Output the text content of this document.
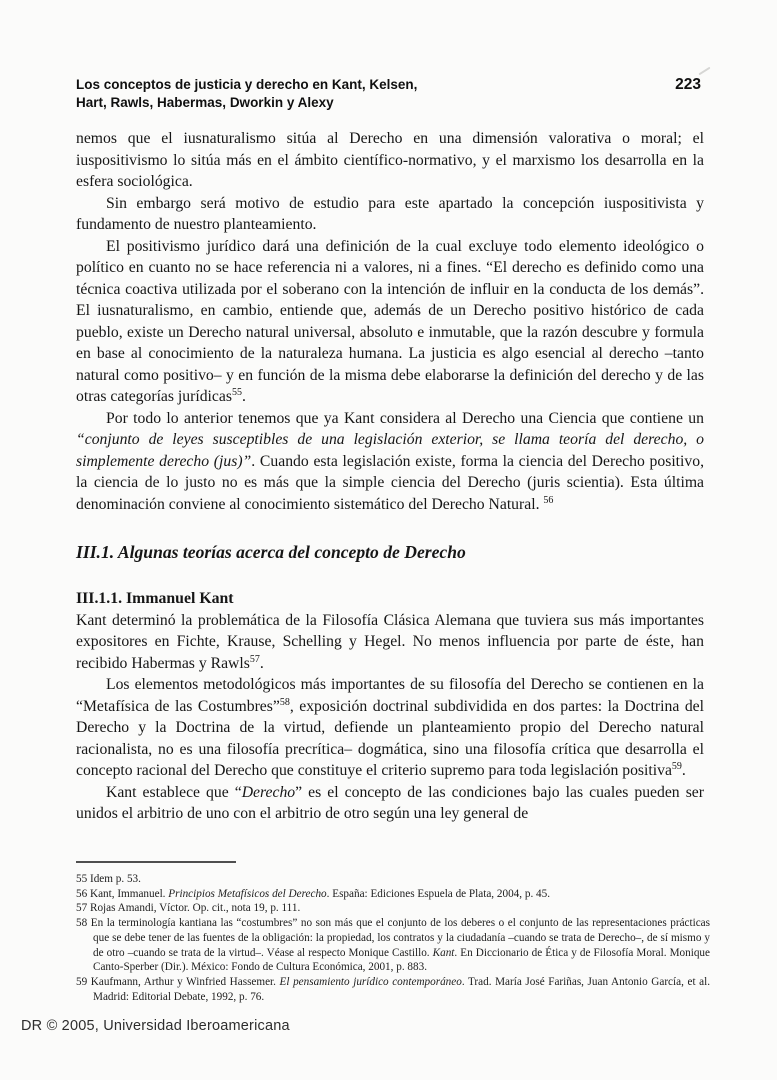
Los conceptos de justicia y derecho en Kant, Kelsen,
Hart, Rawls, Habermas, Dworkin y Alexy
223

nemos que el iusnaturalismo sitúa al Derecho en una dimensión valorativa o moral; el iuspositivismo lo sitúa más en el ámbito científico-normativo, y el marxismo los desarrolla en la esfera sociológica.

Sin embargo será motivo de estudio para este apartado la concepción iuspositivista y fundamento de nuestro planteamiento.

El positivismo jurídico dará una definición de la cual excluye todo elemento ideológico o político en cuanto no se hace referencia ni a valores, ni a fines. “El derecho es definido como una técnica coactiva utilizada por el soberano con la intención de influir en la conducta de los demás”. El iusnaturalismo, en cambio, entiende que, además de un Derecho positivo histórico de cada pueblo, existe un Derecho natural universal, absoluto e inmutable, que la razón descubre y formula en base al conocimiento de la naturaleza humana. La justicia es algo esencial al derecho –tanto natural como positivo– y en función de la misma debe elaborarse la definición del derecho y de las otras categorías jurídicas$^{55}$.

Por todo lo anterior tenemos que ya Kant considera al Derecho una Ciencia que contiene un “conjunto de leyes susceptibles de una legislación exterior, se llama teoría del derecho, o simplemente derecho (jus)”. Cuando esta legislación existe, forma la ciencia del Derecho positivo, la ciencia de lo justo no es más que la simple ciencia del Derecho (juris scientia). Esta última denominación conviene al conocimiento sistemático del Derecho Natural. $^{56}$

III.1. Algunas teorías acerca del concepto de Derecho
III.1.1. Immanuel Kant

Kant determinó la problemática de la Filosofía Clásica Alemana que tuviera sus más importantes expositores en Fichte, Krause, Schelling y Hegel. No menos influencia por parte de éste, han recibido Habermas y Rawls$^{57}$.

Los elementos metodológicos más importantes de su filosofía del Derecho se contienen en la “Metafísica de las Costumbres”$^{58}$, exposición doctrinal subdividida en dos partes: la Doctrina del Derecho y la Doctrina de la virtud, defiende un planteamiento propio del Derecho natural racionalista, no es una filosofía precrítica– dogmática, sino una filosofía crítica que desarrolla el concepto racional del Derecho que constituye el criterio supremo para toda legislación positiva$^{59}$.

Kant establece que “Derecho” es el concepto de las condiciones bajo las cuales pueden ser unidos el arbitrio de uno con el arbitrio de otro según una ley general de

55 Idem p. 53.

56 Kant, Immanuel. Principios Metafísicos del Derecho. España: Ediciones Espuela de Plata, 2004, p. 45.

57 Rojas Amandi, Víctor. Op. cit., nota 19, p. 111.

58 En la terminología kantiana las “costumbres” no son más que el conjunto de los deberes o el conjunto de las representaciones prácticas que se debe tener de las fuentes de la obligación: la propiedad, los contratos y la ciudadanía –cuando se trata de Derecho–, de sí mismo y de otro –cuando se trata de la virtud–. Véase al respecto Monique Castillo. Kant. En Diccionario de Ética y de Filosofía Moral. Monique Canto-Sperber (Dir.). México: Fondo de Cultura Económica, 2001, p. 883.

59 Kaufmann, Arthur y Winfried Hassemer. El pensamiento jurídico contemporáneo. Trad. María José Fariñas, Juan Antonio García, et al. Madrid: Editorial Debate, 1992, p. 76.

DR © 2005, Universidad Iberoamericana
